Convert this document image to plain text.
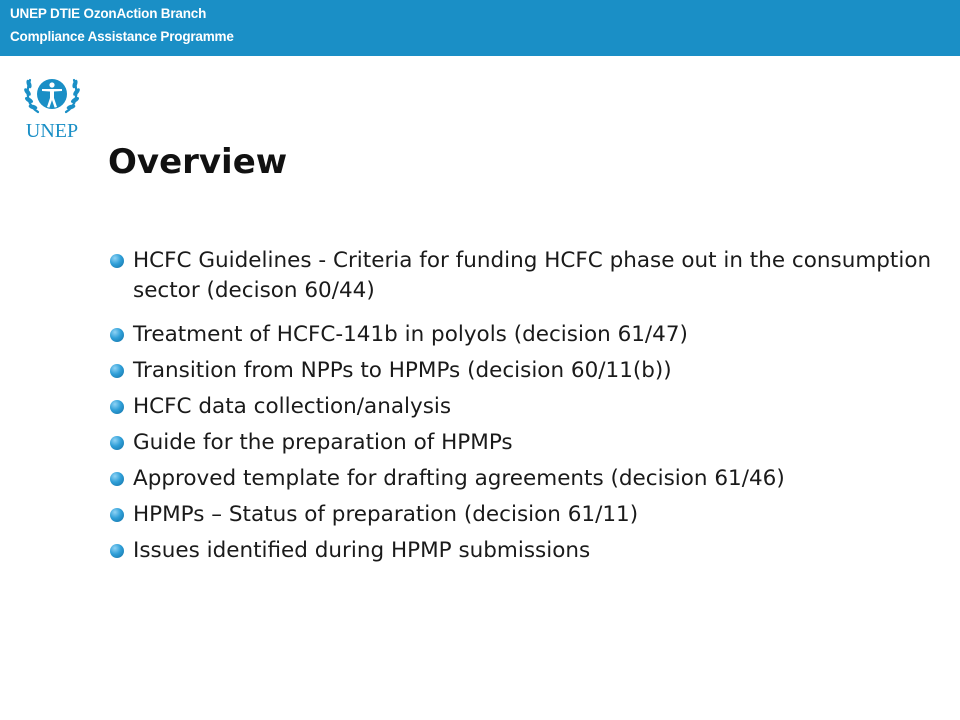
UNEP DTIE OzonAction Branch
Compliance Assistance Programme
UNEP
Overview
HCFC Guidelines - Criteria for funding HCFC phase out in the consumption sector (decison 60/44)
Treatment of HCFC-141b in polyols (decision 61/47)
Transition from NPPs to HPMPs (decision 60/11(b))
HCFC data collection/analysis
Guide for the preparation of HPMPs
Approved template for drafting agreements (decision 61/46)
HPMPs – Status of preparation (decision 61/11)
Issues identified during HPMP submissions
